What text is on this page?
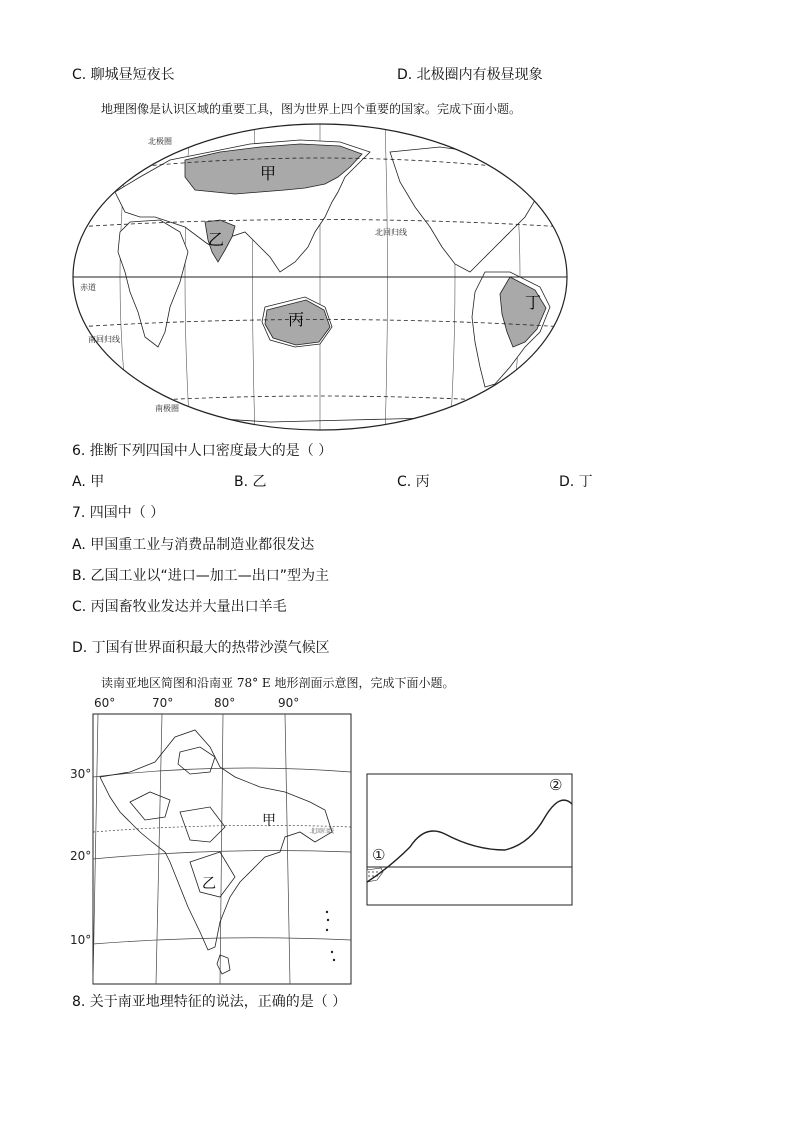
C. 聊城昼短夜长	D. 北极圈内有极昼现象
地理图像是认识区域的重要工具，图为世界上四个重要的国家。完成下面小题。
北极圈
北回归线
赤道
南回归线
南极圈
甲
乙
丙
丁
6. 推断下列四国中人口密度最大的是（ ）
A. 甲	B. 乙	C. 丙	D. 丁
7. 四国中（ ）
A. 甲国重工业与消费品制造业都很发达
B. 乙国工业以“进口—加工—出口”型为主
C. 丙国畜牧业发达并大量出口羊毛
D. 丁国有世界面积最大的热带沙漠气候区
读南亚地区简图和沿南亚 78° E 地形剖面示意图，完成下面小题。
60°	70°	80°	90°
30°
20°
10°
北回归线
甲
乙
①
②
8. 关于南亚地理特征的说法，正确的是（ ）
